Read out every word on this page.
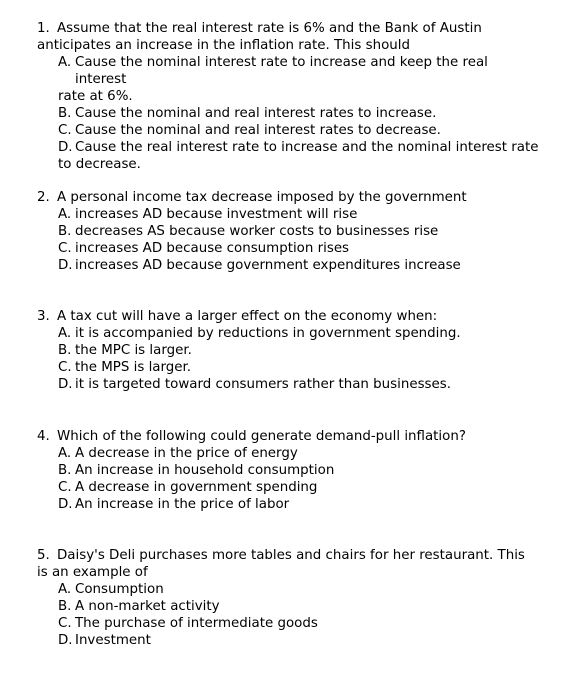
1. Assume that the real interest rate is 6% and the Bank of Austin
anticipates an increase in the inflation rate. This should
A. Cause the nominal interest rate to increase and keep the real interest
rate at 6%.
B. Cause the nominal and real interest rates to increase.
C. Cause the nominal and real interest rates to decrease.
D. Cause the real interest rate to increase and the nominal interest rate
to decrease.
2. A personal income tax decrease imposed by the government
A. increases AD because investment will rise
B. decreases AS because worker costs to businesses rise
C. increases AD because consumption rises
D. increases AD because government expenditures increase
3. A tax cut will have a larger effect on the economy when:
A. it is accompanied by reductions in government spending.
B. the MPC is larger.
C. the MPS is larger.
D. it is targeted toward consumers rather than businesses.
4. Which of the following could generate demand-pull inflation?
A. A decrease in the price of energy
B. An increase in household consumption
C. A decrease in government spending
D. An increase in the price of labor
5. Daisy's Deli purchases more tables and chairs for her restaurant. This
is an example of
A. Consumption
B. A non-market activity
C. The purchase of intermediate goods
D. Investment
